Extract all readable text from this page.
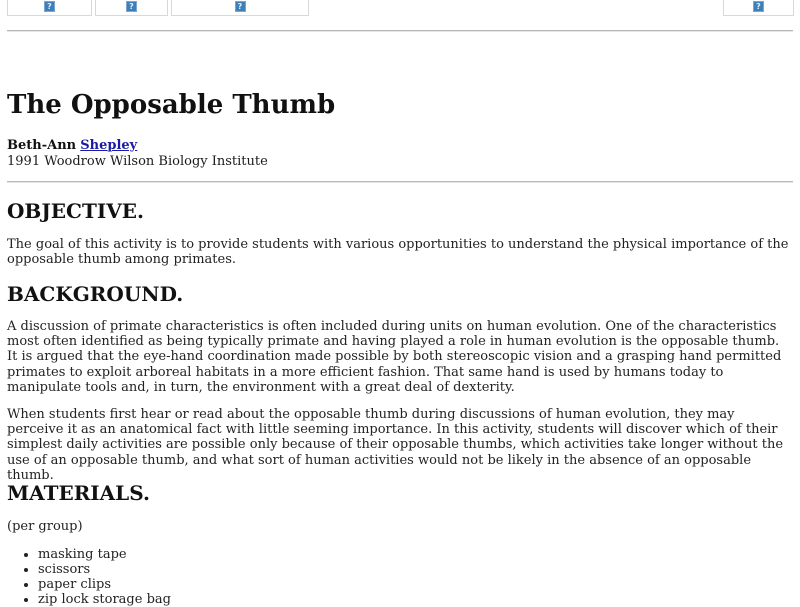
?	?	?	?
The Opposable Thumb
Beth-Ann Shepley
1991 Woodrow Wilson Biology Institute
OBJECTIVE.

The goal of this activity is to provide students with various opportunities to understand the physical importance of the opposable thumb among primates.

BACKGROUND.

A discussion of primate characteristics is often included during units on human evolution. One of the characteristics most often identified as being typically primate and having played a role in human evolution is the opposable thumb. It is argued that the eye-hand coordination made possible by both stereoscopic vision and a grasping hand permitted primates to exploit arboreal habitats in a more efficient fashion. That same hand is used by humans today to manipulate tools and, in turn, the environment with a great deal of dexterity.

When students first hear or read about the opposable thumb during discussions of human evolution, they may perceive it as an anatomical fact with little seeming importance. In this activity, students will discover which of their simplest daily activities are possible only because of their opposable thumbs, which activities take longer without the use of an opposable thumb, and what sort of human activities would not be likely in the absence of an opposable thumb.

MATERIALS.

(per group)

• masking tape
• scissors
• paper clips
• zip lock storage bag
